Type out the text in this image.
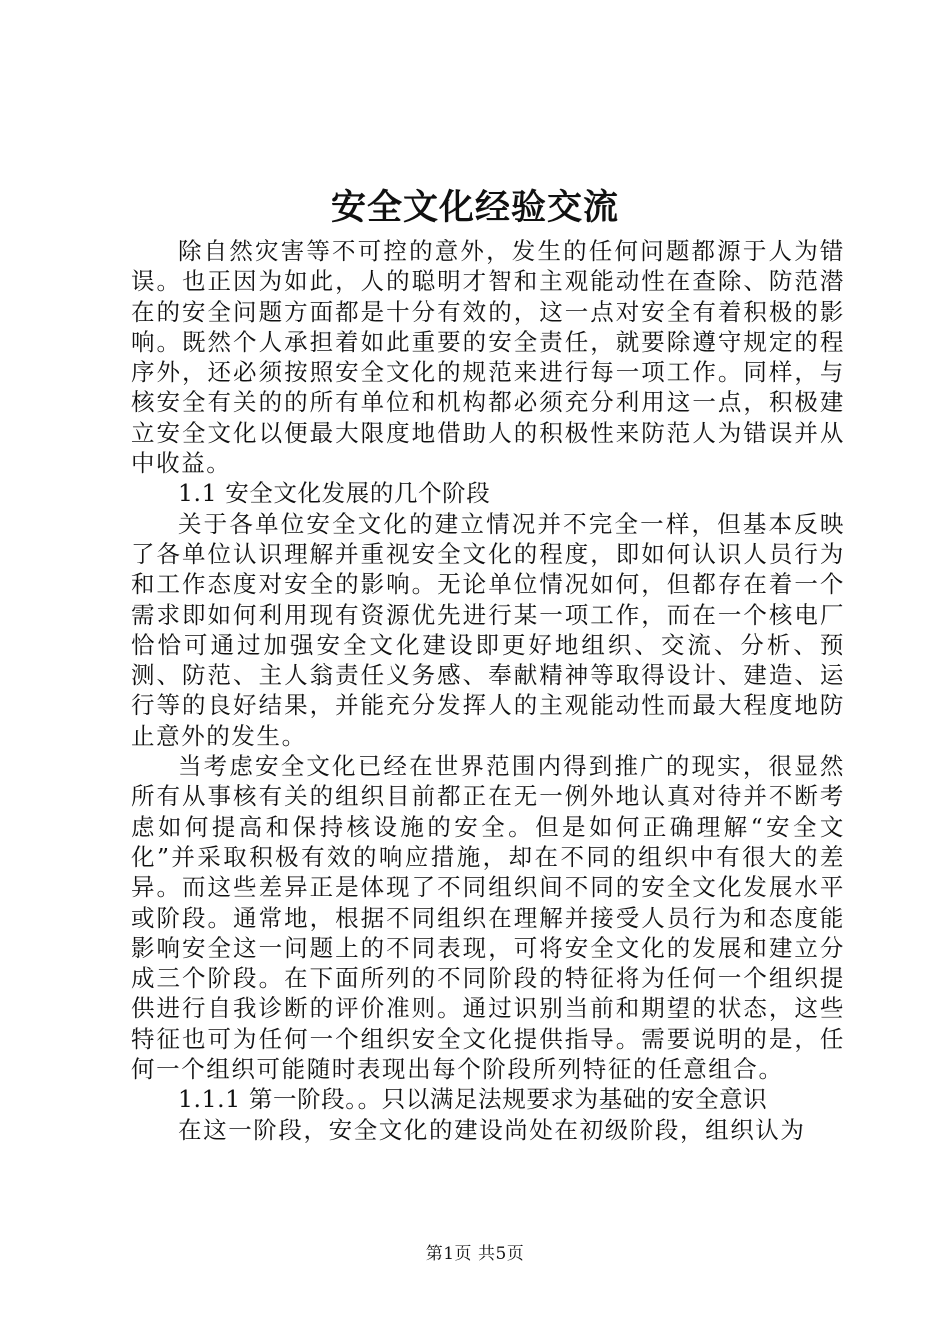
安全文化经验交流

除自然灾害等不可控的意外，发生的任何问题都源于人为错误。也正因为如此，人的聪明才智和主观能动性在查除、防范潜在的安全问题方面都是十分有效的，这一点对安全有着积极的影响。既然个人承担着如此重要的安全责任，就要除遵守规定的程序外，还必须按照安全文化的规范来进行每一项工作。同样，与核安全有关的的所有单位和机构都必须充分利用这一点，积极建立安全文化以便最大限度地借助人的积极性来防范人为错误并从中收益。

1.1 安全文化发展的几个阶段

关于各单位安全文化的建立情况并不完全一样，但基本反映了各单位认识理解并重视安全文化的程度，即如何认识人员行为和工作态度对安全的影响。无论单位情况如何，但都存在着一个需求即如何利用现有资源优先进行某一项工作，而在一个核电厂恰恰可通过加强安全文化建设即更好地组织、交流、分析、预测、防范、主人翁责任义务感、奉献精神等取得设计、建造、运行等的良好结果，并能充分发挥人的主观能动性而最大程度地防止意外的发生。

当考虑安全文化已经在世界范围内得到推广的现实，很显然所有从事核有关的组织目前都正在无一例外地认真对待并不断考虑如何提高和保持核设施的安全。但是如何正确理解“安全文化”并采取积极有效的响应措施，却在不同的组织中有很大的差异。而这些差异正是体现了不同组织间不同的安全文化发展水平或阶段。通常地，根据不同组织在理解并接受人员行为和态度能影响安全这一问题上的不同表现，可将安全文化的发展和建立分成三个阶段。在下面所列的不同阶段的特征将为任何一个组织提供进行自我诊断的评价准则。通过识别当前和期望的状态，这些特征也可为任何一个组织安全文化提供指导。需要说明的是，任何一个组织可能随时表现出每个阶段所列特征的任意组合。

1.1.1 第一阶段。。只以满足法规要求为基础的安全意识

在这一阶段，安全文化的建设尚处在初级阶段，组织认为

第1页 共5页
